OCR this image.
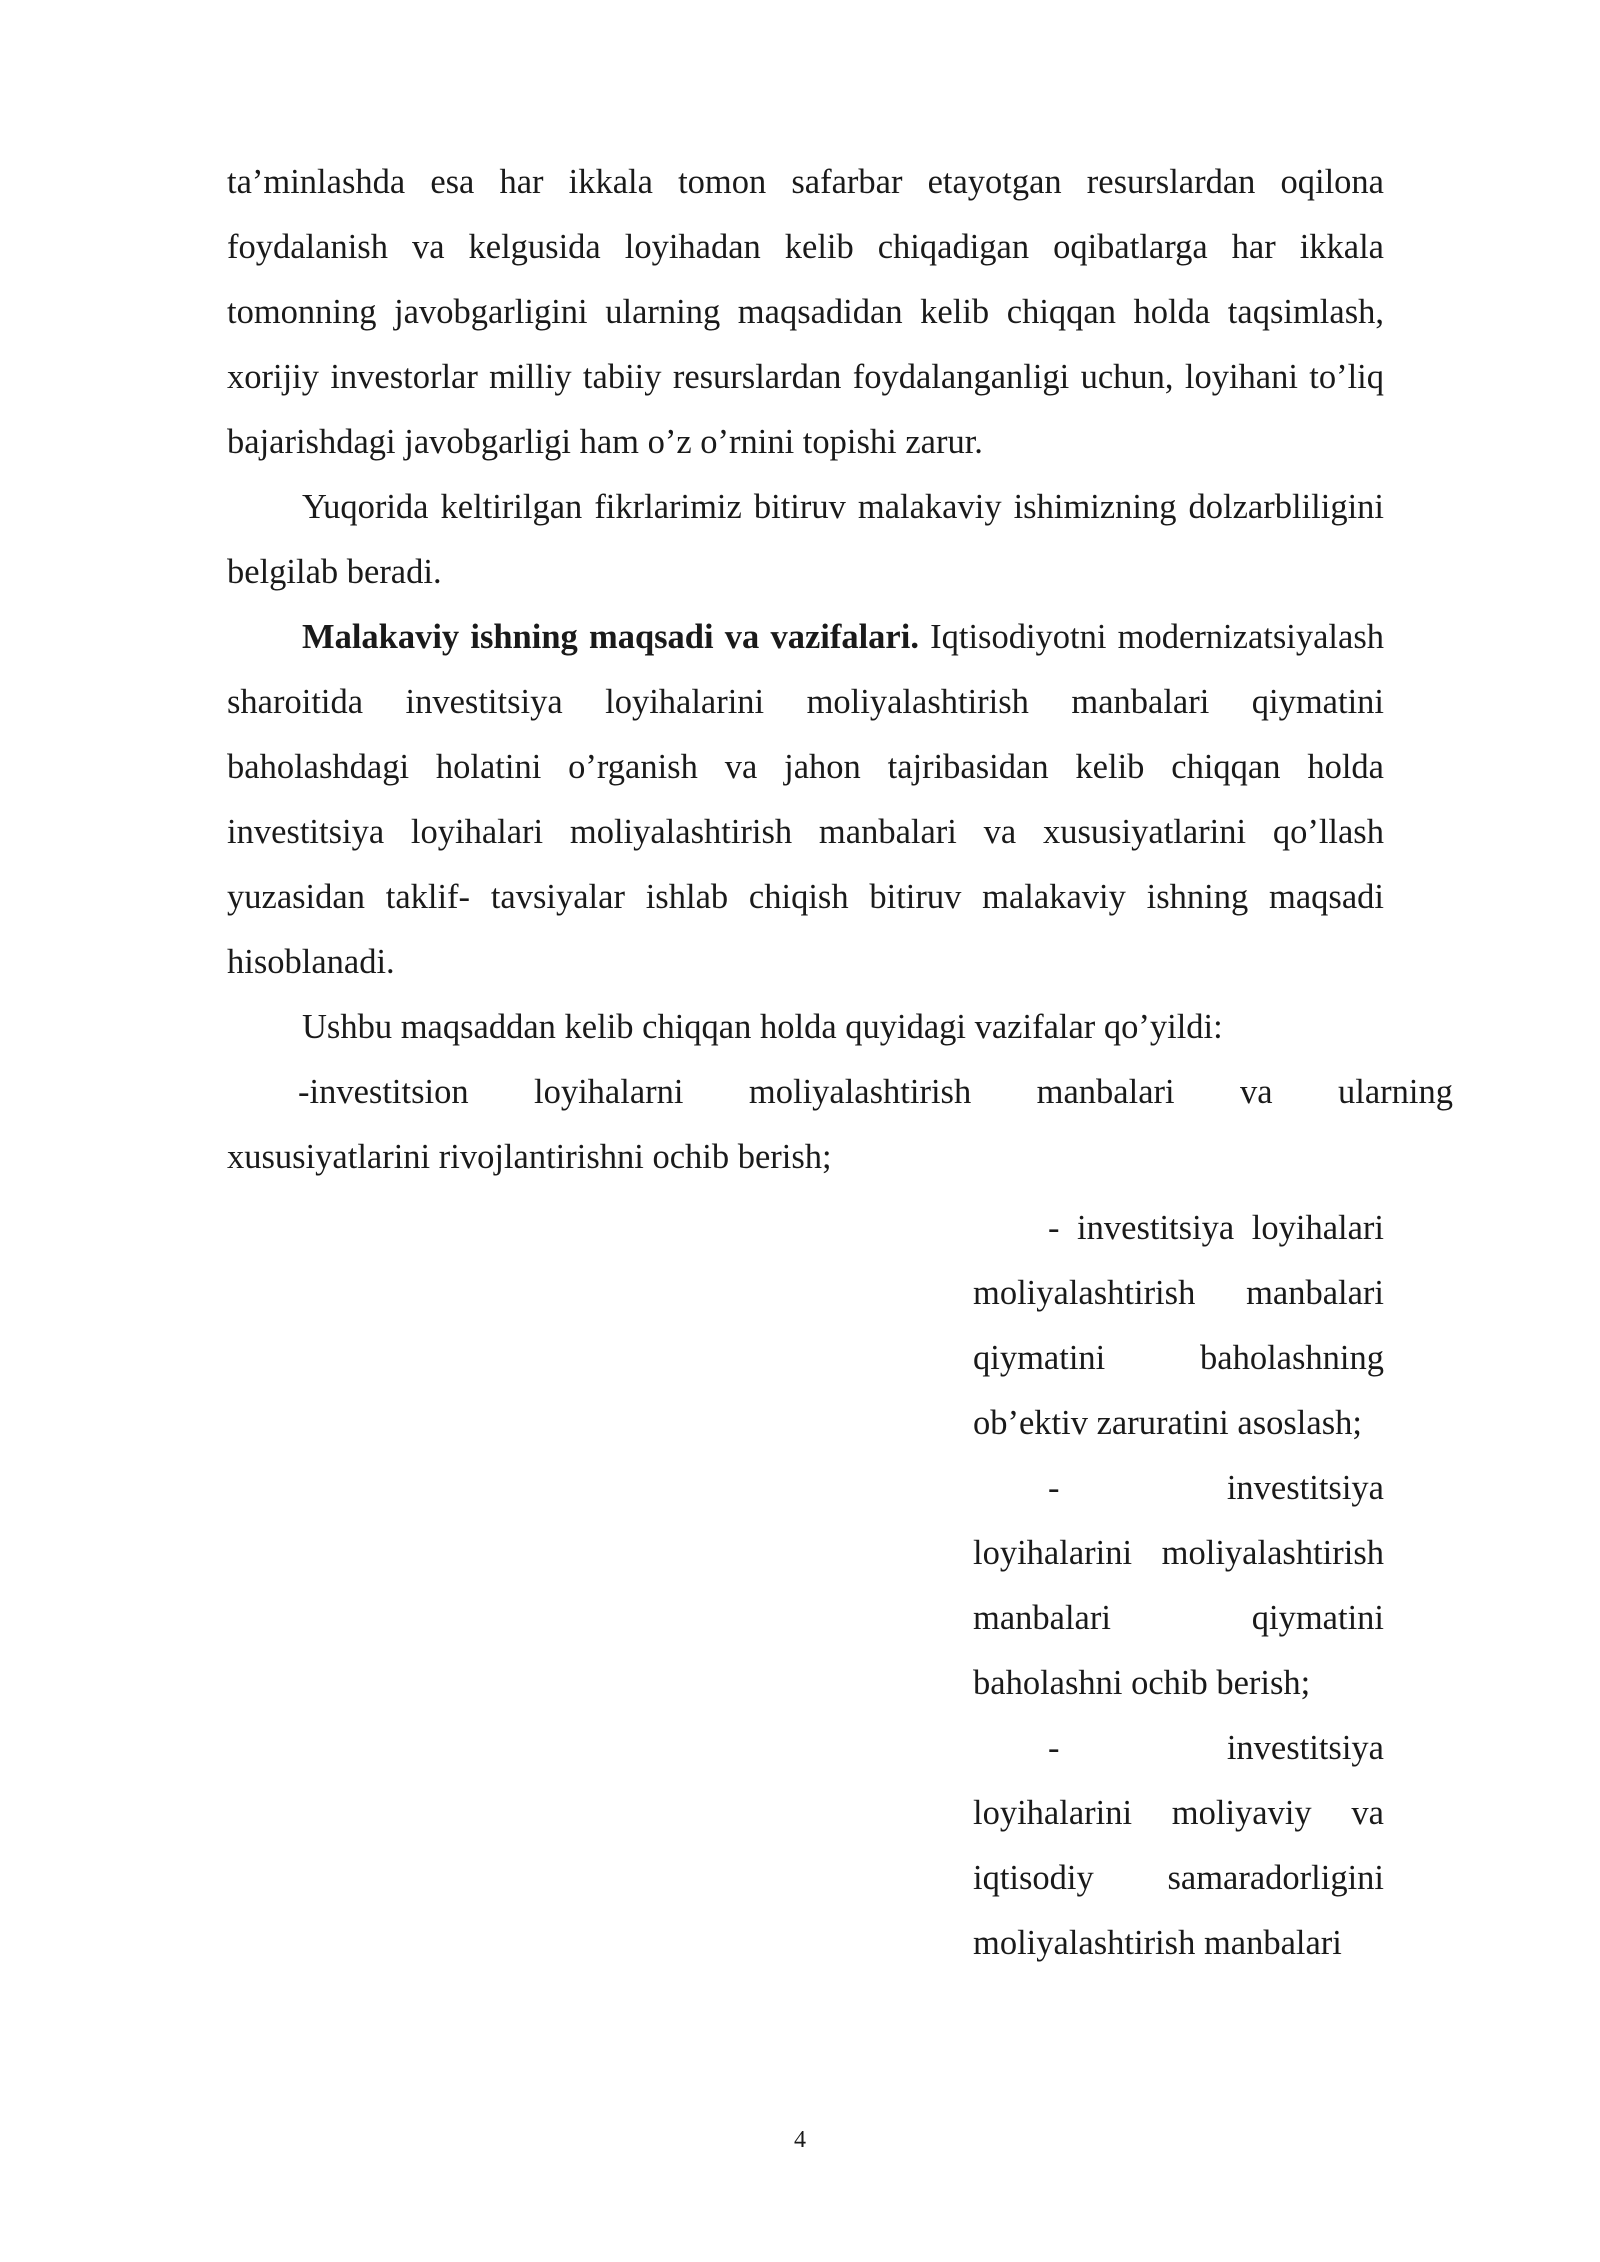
ta’minlashda esa har ikkala tomon safarbar etayotgan resurslardan oqilona foydalanish va kelgusida loyihadan kelib chiqadigan oqibatlarga har ikkala tomonning javobgarligini ularning maqsadidan kelib chiqqan holda taqsimlash, xorijiy investorlar milliy tabiiy resurslardan foydalanganligi uchun, loyihani to’liq bajarishdagi javobgarligi ham o’z o’rnini topishi zarur.

Yuqorida keltirilgan fikrlarimiz bitiruv malakaviy ishimizning dolzarbliligini belgilab beradi.

Malakaviy ishning maqsadi va vazifalari. Iqtisodiyotni modernizatsiyalash sharoitida investitsiya loyihalarini moliyalashtirish manbalari qiymatini baholashdagi holatini o’rganish va jahon tajribasidan kelib chiqqan holda investitsiya loyihalari moliyalashtirish manbalari va xususiyatlarini qo’llash yuzasidan taklif- tavsiyalar ishlab chiqish bitiruv malakaviy ishning maqsadi hisoblanadi.

Ushbu maqsaddan kelib chiqqan holda quyidagi vazifalar qo’yildi:

-investitsion loyihalarni moliyalashtirish manbalari va ularning

xususiyatlarini rivojlantirishni ochib berish;

- investitsiya loyihalari moliyalashtirish manbalari qiymatini baholashning ob’ektiv zaruratini asoslash;

- investitsiya loyihalarini moliyalashtirish manbalari qiymatini baholashni ochib berish;

- investitsiya loyihalarini moliyaviy va iqtisodiy samaradorligini moliyalashtirish manbalari

4
